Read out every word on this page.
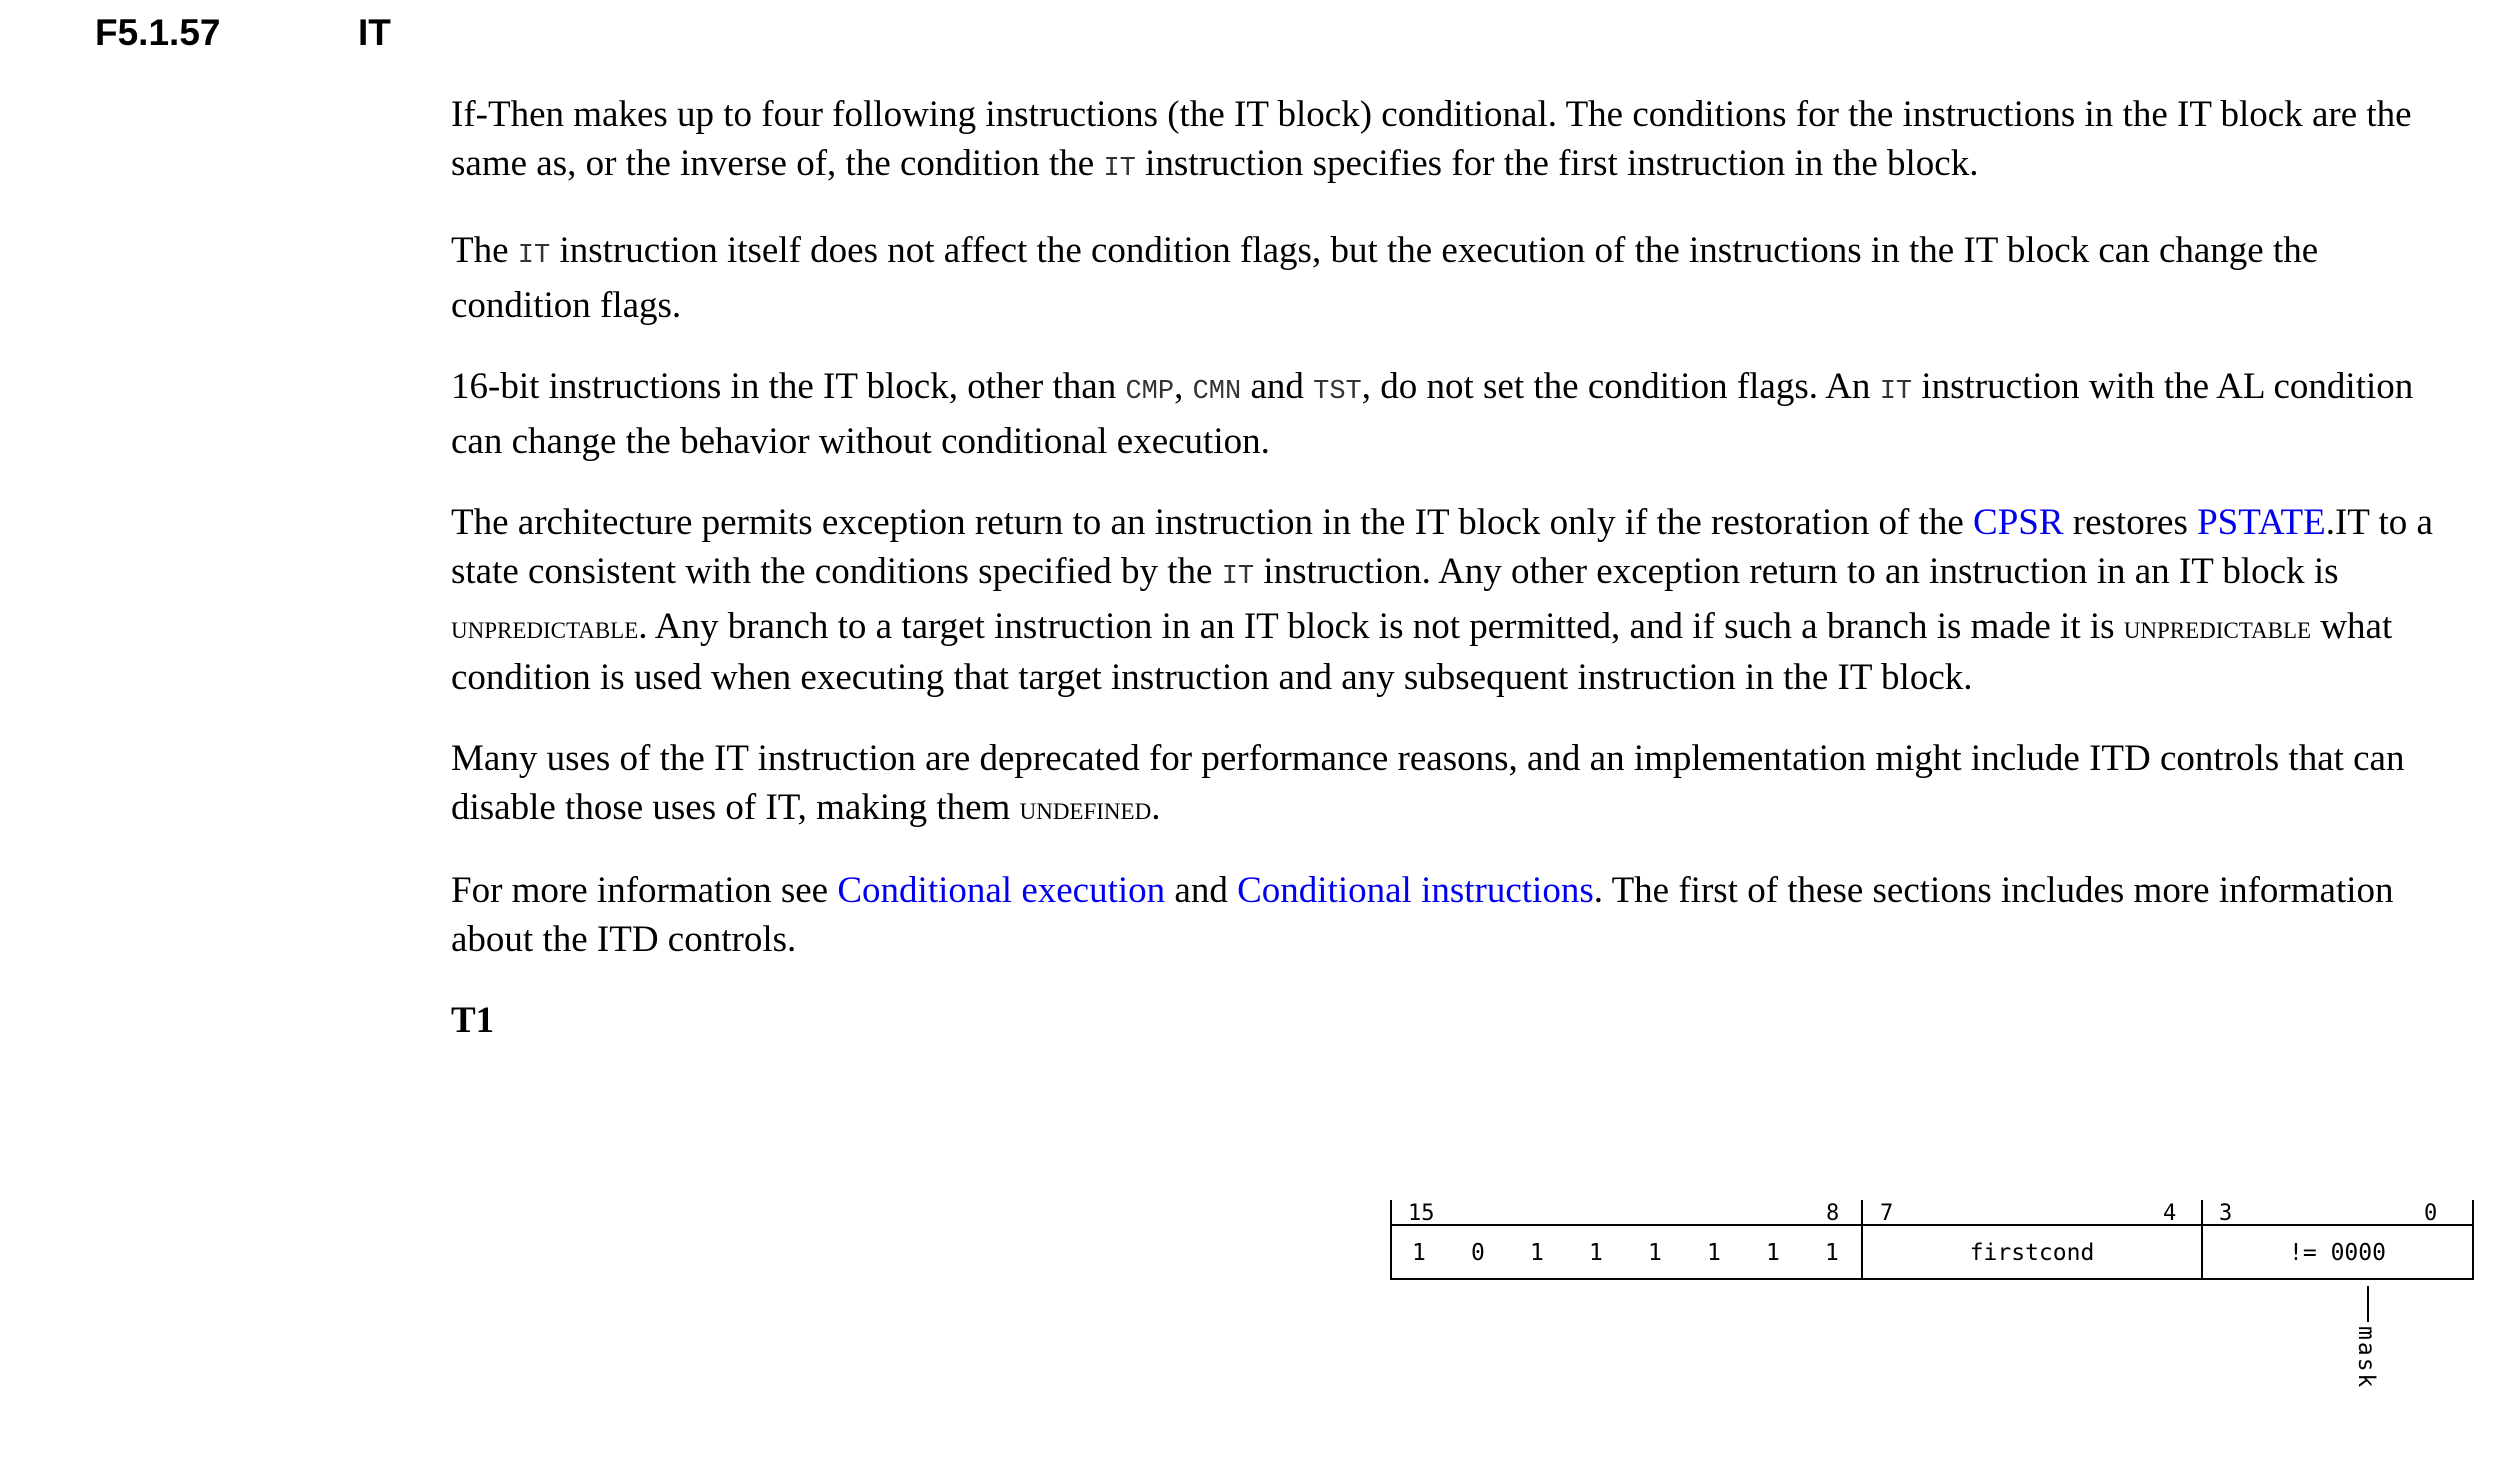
F5.1.57	IT

If-Then makes up to four following instructions (the IT block) conditional. The conditions for the instructions in the IT block are the same as, or the inverse of, the condition the IT instruction specifies for the first instruction in the block.

The IT instruction itself does not affect the condition flags, but the execution of the instructions in the IT block can change the condition flags.

16-bit instructions in the IT block, other than CMP, CMN and TST, do not set the condition flags. An IT instruction with the AL condition can change the behavior without conditional execution.

The architecture permits exception return to an instruction in the IT block only if the restoration of the CPSR restores PSTATE.IT to a state consistent with the conditions specified by the IT instruction. Any other exception return to an instruction in an IT block is unpredictable. Any branch to a target instruction in an IT block is not permitted, and if such a branch is made it is unpredictable what condition is used when executing that target instruction and any subsequent instruction in the IT block.

Many uses of the IT instruction are deprecated for performance reasons, and an implementation might include ITD controls that can disable those uses of IT, making them undefined.

For more information see Conditional execution and Conditional instructions. The first of these sections includes more information about the ITD controls.

T1

15	8 7	4 3	0
1 0 1 1 1 1 1 1	firstcond	!= 0000
mask
